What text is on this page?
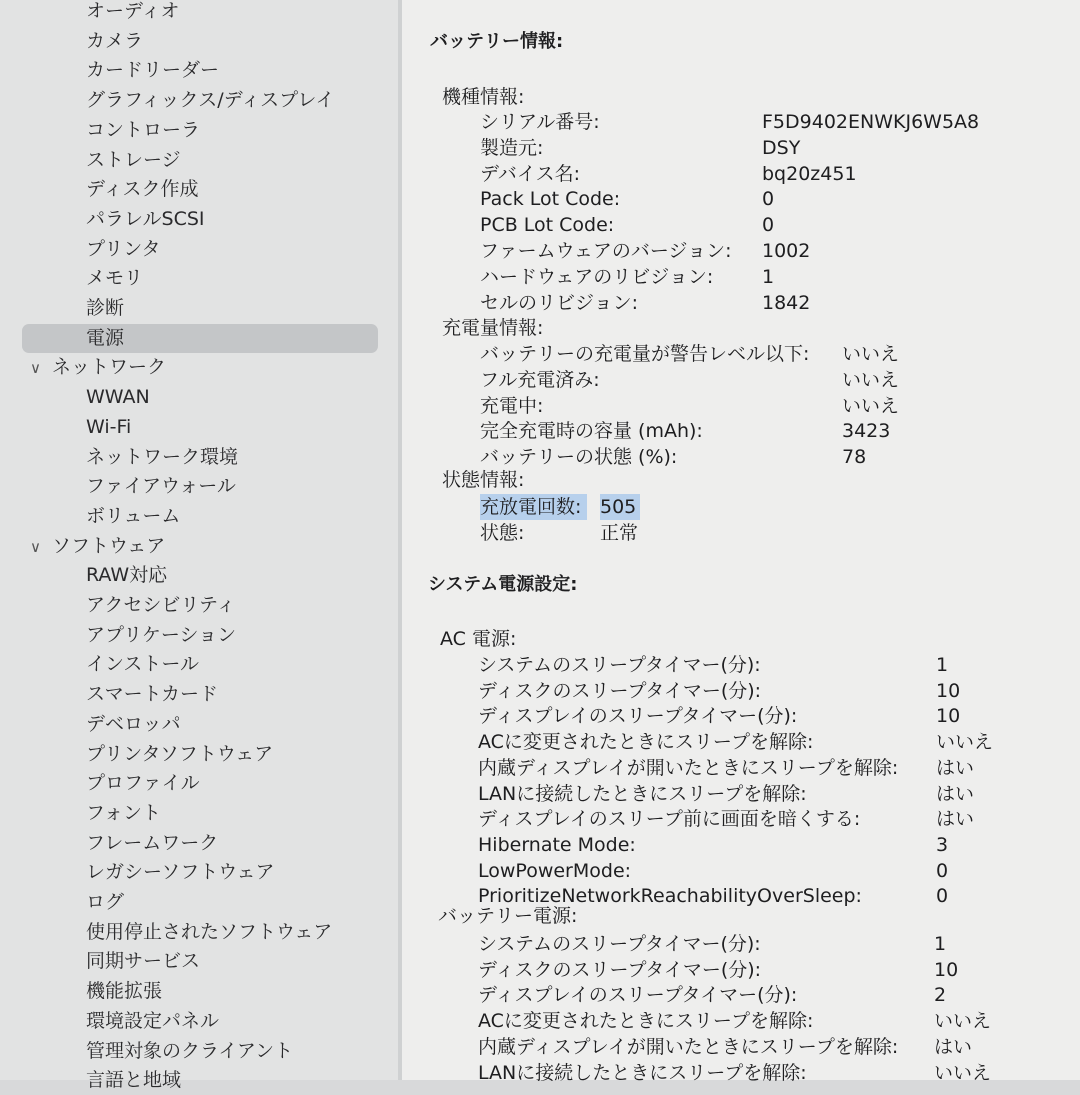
オーディオ
カメラ
カードリーダー
グラフィックス/ディスプレイ
コントローラ
ストレージ
ディスク作成
パラレルSCSI
プリンタ
メモリ
診断
電源
∨ ネットワーク
WWAN
Wi-Fi
ネットワーク環境
ファイアウォール
ボリューム
∨ ソフトウェア
RAW対応
アクセシビリティ
アプリケーション
インストール
スマートカード
デベロッパ
プリンタソフトウェア
プロファイル
フォント
フレームワーク
レガシーソフトウェア
ログ
使用停止されたソフトウェア
同期サービス
機能拡張
環境設定パネル
管理対象のクライアント
言語と地域
バッテリー情報:
機種情報:
シリアル番号:	F5D9402ENWKJ6W5A8
製造元:	DSY
デバイス名:	bq20z451
Pack Lot Code:	0
PCB Lot Code:	0
ファームウェアのバージョン: 1002
ハードウェアのリビジョン:	1
セルのリビジョン:	1842
充電量情報:
バッテリーの充電量が警告レベル以下: いいえ
フル充電済み:	いいえ
充電中:	いいえ
完全充電時の容量 (mAh):	3423
バッテリーの状態 (%):	78
状態情報:
充放電回数: 505
状態:	正常
システム電源設定:
AC 電源:
システムのスリープタイマー(分):	1
ディスクのスリープタイマー(分):	10
ディスプレイのスリープタイマー(分):	10
ACに変更されたときにスリープを解除:	いいえ
内蔵ディスプレイが開いたときにスリープを解除: はい
LANに接続したときにスリープを解除:	はい
ディスプレイのスリープ前に画面を暗くする:	はい
Hibernate Mode:	3
LowPowerMode:	0
PrioritizeNetworkReachabilityOverSleep:	0
バッテリー電源:
システムのスリープタイマー(分):	1
ディスクのスリープタイマー(分):	10
ディスプレイのスリープタイマー(分):	2
ACに変更されたときにスリープを解除:	いいえ
内蔵ディスプレイが開いたときにスリープを解除: はい
LANに接続したときにスリープを解除:	いいえ
